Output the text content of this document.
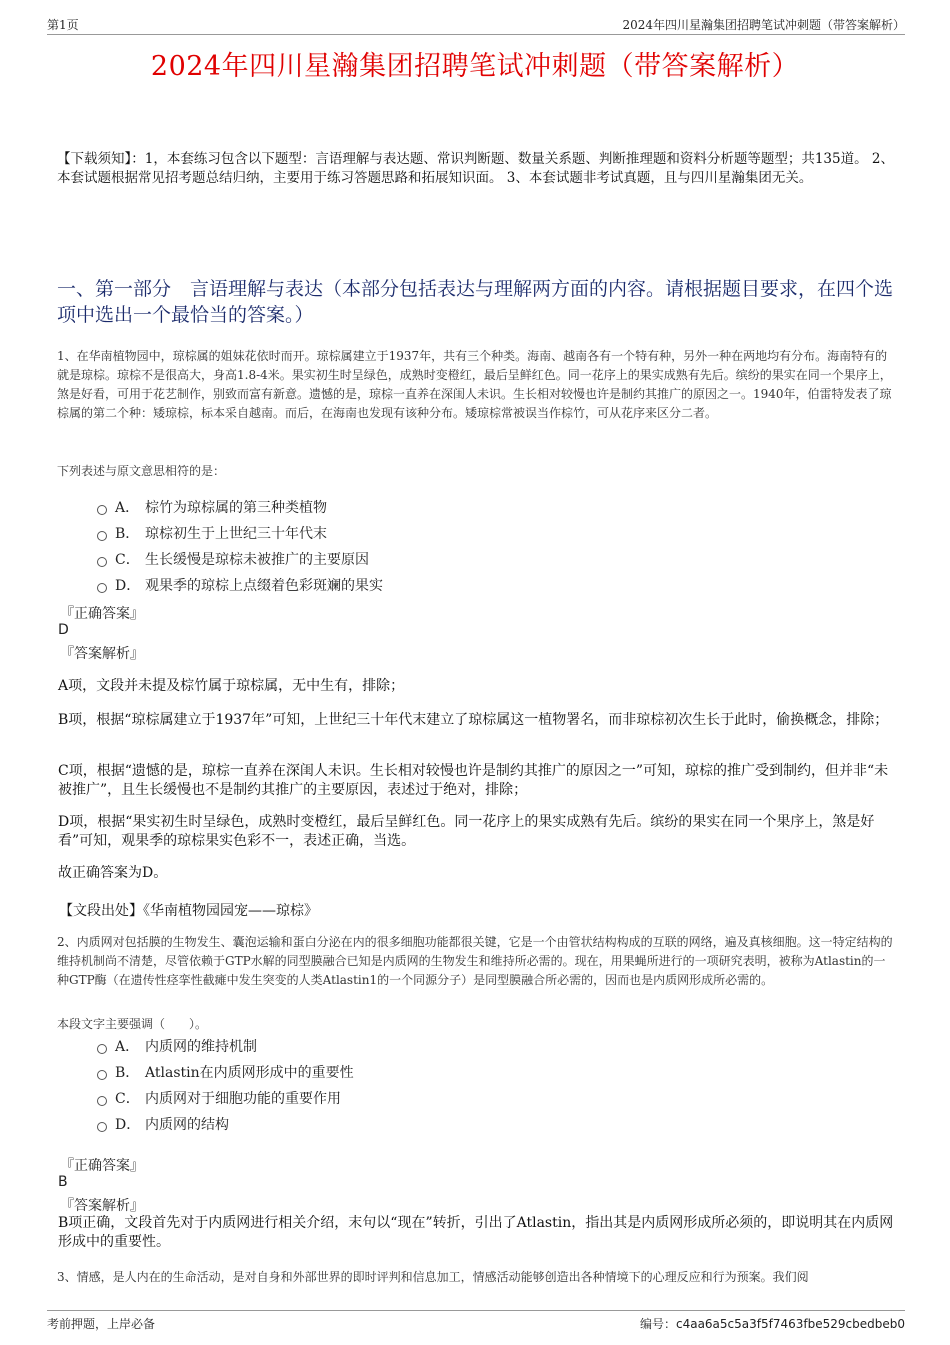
第1页	2024年四川星瀚集团招聘笔试冲刺题（带答案解析）
2024年四川星瀚集团招聘笔试冲刺题（带答案解析）
【下载须知】：1，本套练习包含以下题型：言语理解与表达题、常识判断题、数量关系题、判断推理题和资料分析题等题型；共135道。 2、本套试题根据常见招考题总结归纳，主要用于练习答题思路和拓展知识面。 3、本套试题非考试真题，且与四川星瀚集团无关。
一、第一部分　言语理解与表达（本部分包括表达与理解两方面的内容。请根据题目要求，在四个选项中选出一个最恰当的答案。）
1、在华南植物园中，琼棕属的姐妹花依时而开。琼棕属建立于1937年，共有三个种类。海南、越南各有一个特有种，另外一种在两地均有分布。海南特有的就是琼棕。琼棕不是很高大，身高1.8-4米。果实初生时呈绿色，成熟时变橙红，最后呈鲜红色。同一花序上的果实成熟有先后。缤纷的果实在同一个果序上，煞是好看，可用于花艺制作，别致而富有新意。遗憾的是，琼棕一直养在深闺人未识。生长相对较慢也许是制约其推广的原因之一。1940年，伯雷特发表了琼棕属的第二个种：矮琼棕，标本采自越南。而后，在海南也发现有该种分布。矮琼棕常被误当作棕竹，可从花序来区分二者。
下列表述与原文意思相符的是：
A． 棕竹为琼棕属的第三种类植物
B． 琼棕初生于上世纪三十年代末
C． 生长缓慢是琼棕未被推广的主要原因
D． 观果季的琼棕上点缀着色彩斑斓的果实
『正确答案』
D
『答案解析』
A项，文段并未提及棕竹属于琼棕属，无中生有，排除；
B项，根据“琼棕属建立于1937年”可知，上世纪三十年代末建立了琼棕属这一植物署名，而非琼棕初次生长于此时，偷换概念，排除；
C项，根据“遗憾的是，琼棕一直养在深闺人未识。生长相对较慢也许是制约其推广的原因之一”可知，琼棕的推广受到制约，但并非“未被推广”，且生长缓慢也不是制约其推广的主要原因，表述过于绝对，排除；
D项，根据“果实初生时呈绿色，成熟时变橙红，最后呈鲜红色。同一花序上的果实成熟有先后。缤纷的果实在同一个果序上，煞是好看”可知，观果季的琼棕果实色彩不一，表述正确，当选。
故正确答案为D。
【文段出处】《华南植物园园宠——琼棕》
2、内质网对包括膜的生物发生、囊泡运输和蛋白分泌在内的很多细胞功能都很关键，它是一个由管状结构构成的互联的网络，遍及真核细胞。这一特定结构的维持机制尚不清楚，尽管依赖于GTP水解的同型膜融合已知是内质网的生物发生和维持所必需的。现在，用果蝇所进行的一项研究表明，被称为Atlastin的一种GTP酶（在遗传性痉挛性截瘫中发生突变的人类Atlastin1的一个同源分子）是同型膜融合所必需的，因而也是内质网形成所必需的。
本段文字主要强调（　　）。
A． 内质网的维持机制
B． Atlastin在内质网形成中的重要性
C． 内质网对于细胞功能的重要作用
D． 内质网的结构
『正确答案』
B
『答案解析』
B项正确，文段首先对于内质网进行相关介绍，末句以“现在”转折，引出了Atlastin，指出其是内质网形成所必须的，即说明其在内质网形成中的重要性。
3、情感，是人内在的生命活动，是对自身和外部世界的即时评判和信息加工，情感活动能够创造出各种情境下的心理反应和行为预案。我们阅
考前押题，上岸必备	编号：c4aa6a5c5a3f5f7463fbe529cbedbeb0
